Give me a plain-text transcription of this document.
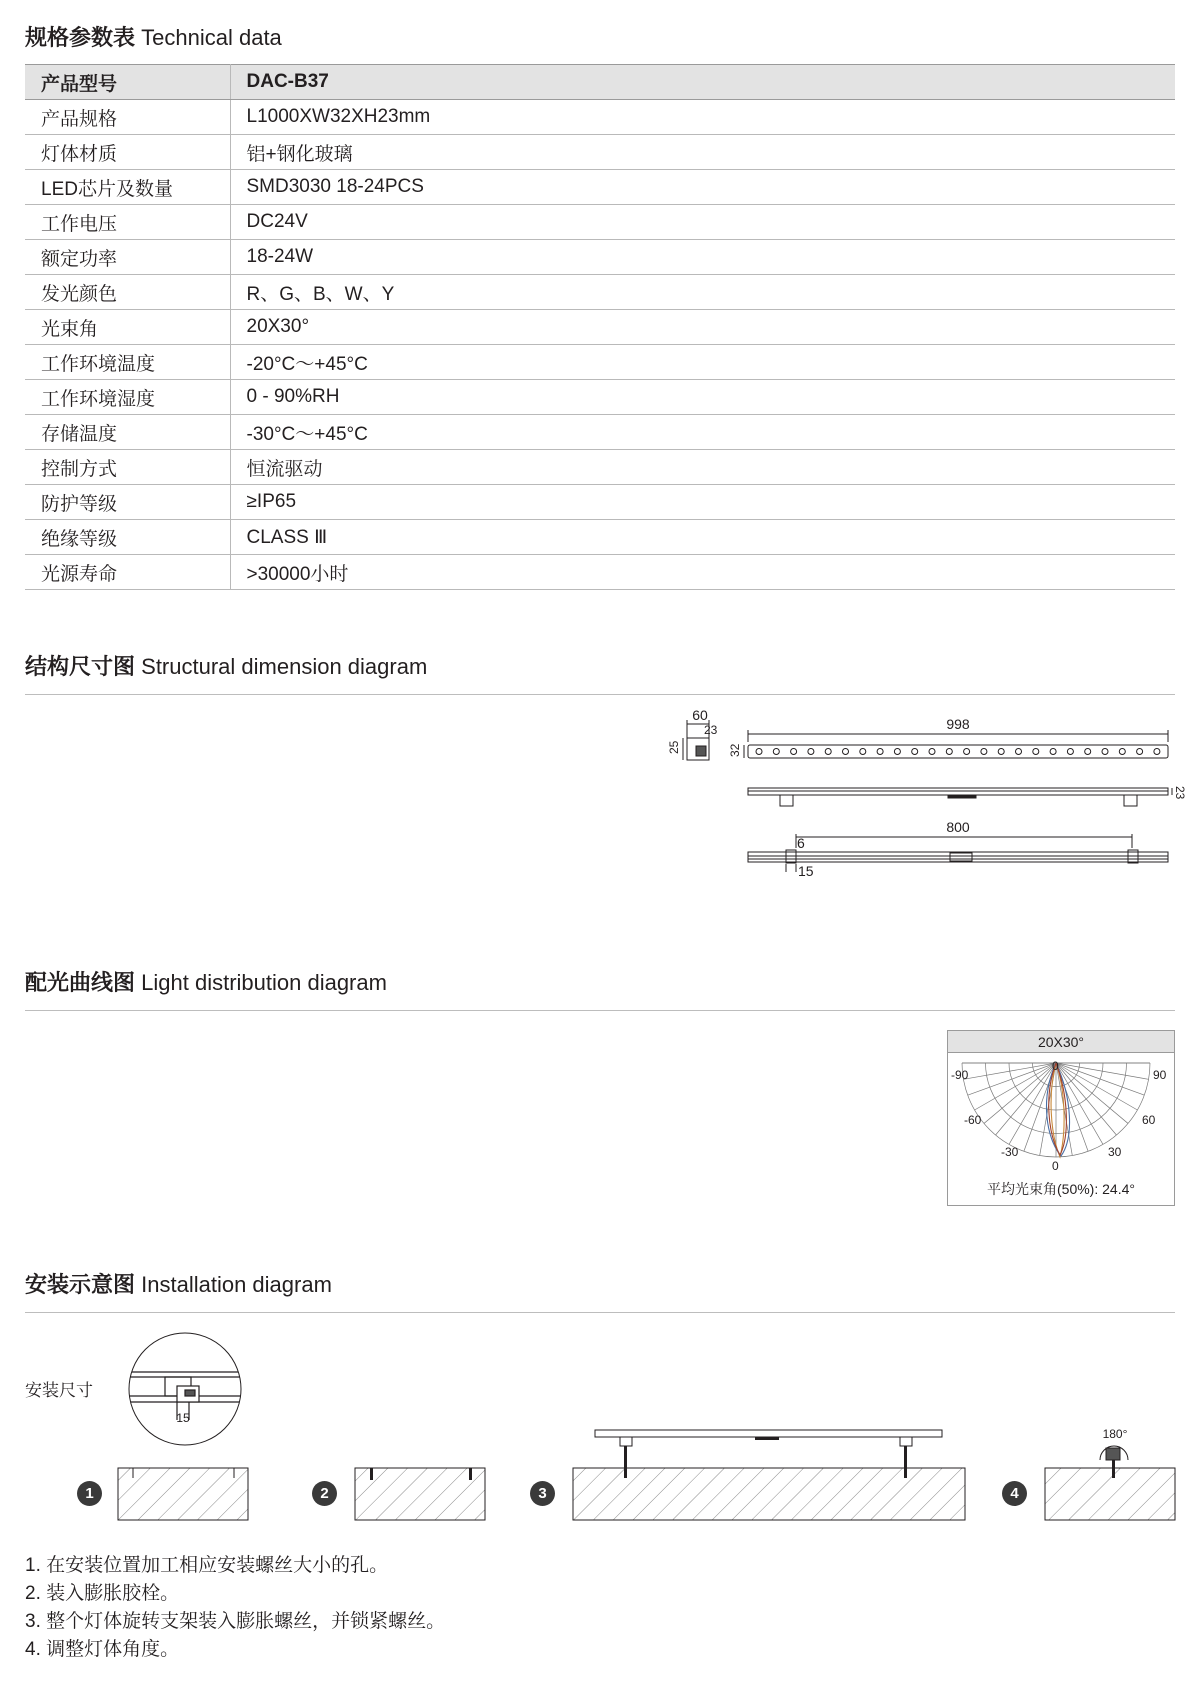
规格参数表 Technical data
产品型号	DAC-B37
产品规格	L1000XW32XH23mm
灯体材质	铝+钢化玻璃
LED芯片及数量	SMD3030 18-24PCS
工作电压	DC24V
额定功率	18-24W
发光颜色	R、G、B、W、Y
光束角	20X30°
工作环境温度	-20°C～+45°C
工作环境湿度	0 - 90%RH
存储温度	-30°C～+45°C
控制方式	恒流驱动
防护等级	≥IP65
绝缘等级	CLASS Ⅲ
光源寿命	>30000小时
结构尺寸图 Structural dimension diagram
60
23
25
998
32
23
800
6
15
配光曲线图 Light distribution diagram
20X30°
-90	90
-60	60
-30	30
0
0
平均光束角(50%): 24.4°
安装示意图 Installation diagram
安装尺寸
15
180°
1	2	3	4
1. 在安装位置加工相应安装螺丝大小的孔。
2. 装入膨胀胶栓。
3. 整个灯体旋转支架装入膨胀螺丝，并锁紧螺丝。
4. 调整灯体角度。
